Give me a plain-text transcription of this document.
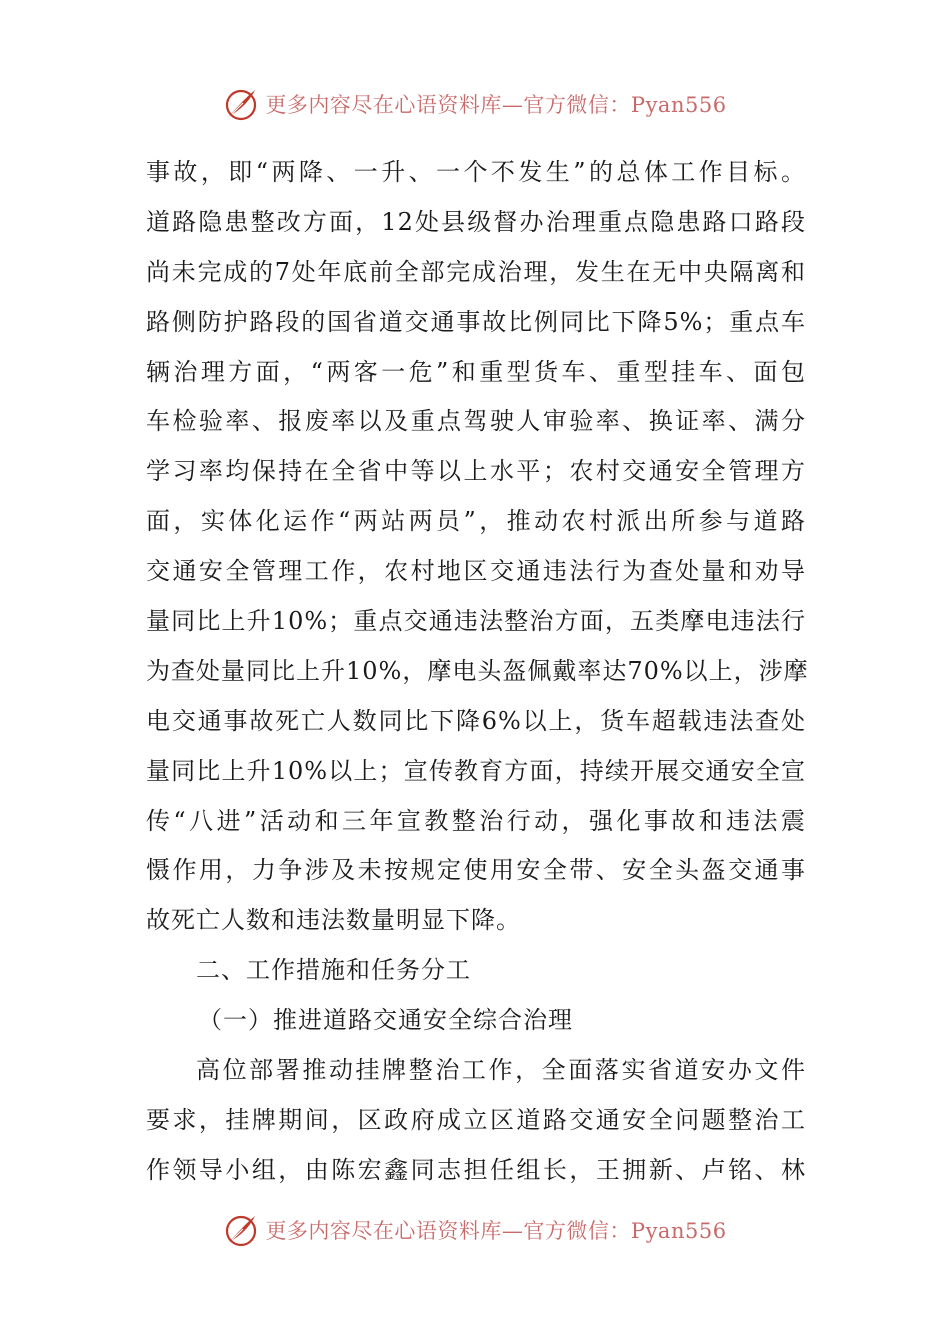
更多内容尽在心语资料库—官方微信：Pyan556
事故，即“两降、一升、一个不发生”的总体工作目标。
道路隐患整改方面，12处县级督办治理重点隐患路口路段
尚未完成的7处年底前全部完成治理，发生在无中央隔离和
路侧防护路段的国省道交通事故比例同比下降5%；重点车
辆治理方面，“两客一危”和重型货车、重型挂车、面包
车检验率、报废率以及重点驾驶人审验率、换证率、满分
学习率均保持在全省中等以上水平；农村交通安全管理方
面，实体化运作“两站两员”，推动农村派出所参与道路
交通安全管理工作，农村地区交通违法行为查处量和劝导
量同比上升10%；重点交通违法整治方面，五类摩电违法行
为查处量同比上升10%，摩电头盔佩戴率达70%以上，涉摩
电交通事故死亡人数同比下降6%以上，货车超载违法查处
量同比上升10%以上；宣传教育方面，持续开展交通安全宣
传“八进”活动和三年宣教整治行动，强化事故和违法震
慑作用，力争涉及未按规定使用安全带、安全头盔交通事
故死亡人数和违法数量明显下降。
二、工作措施和任务分工
（一）推进道路交通安全综合治理
高位部署推动挂牌整治工作，全面落实省道安办文件
要求，挂牌期间，区政府成立区道路交通安全问题整治工
作领导小组，由陈宏鑫同志担任组长，王拥新、卢铭、林
更多内容尽在心语资料库—官方微信：Pyan556
